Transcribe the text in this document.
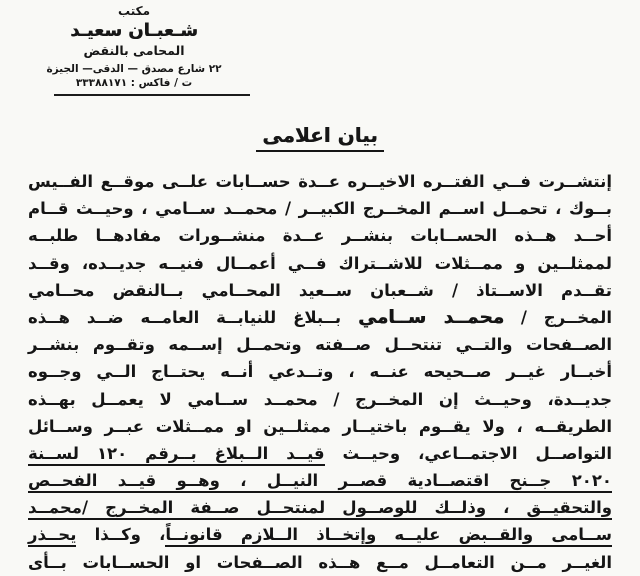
مكتب
شـعبـان سعيـد
المحامى بالنقض
٢٢ شارع مصدق — الدقى— الجيزة
ت / فاكس : ٣٣٣٨٨١٧١
بيان اعلامى
إنتشــرت فــي الفتــره الاخيــره عــدة حســابات علــى موقــع الفــيس
بــوك ، تحمــل اســم المخــرج الكبيــر / محمــد ســامي ، وحيــث قــام
أحــد هــذه الحســابات بنشــر عــدة منشــورات مفادهــا طلبــه
لممثلــين و ممــثلات للاشــتراك فــي أعمــال فنيــه جديــده، وقــد
تقــدم الاســتاذ / شــعبان ســعيد المحــامي بــالنقض محــامي
المخــرج / محمــد ســامي بــبلاغ للنيابــة العامــه ضــد هــذه
الصــفحات والتــي تنتحــل صــفته وتحمــل إســمه وتقــوم بنشــر
أخبــار غيــر صــحيحه عنــه ، وتــدعي أنــه يحتــاج الــي وجــوه
جديــدة، وحيــث إن المخــرج / محمــد ســامي لا يعمــل بهــذه
الطريقــه ، ولا يقــوم باختيــار ممثلــين او ممــثلات عبــر وســائل
التواصــل الاجتمــاعي، وحيــث قيــد الــبلاغ بــرقم ١٢٠ لســنة
٢٠٢٠ جــنح اقتصــادية قصــر النيــل ، وهــو قيــد الفحــص
والتحقيــق ، وذلــك للوصــول لمنتحــل صــفة المخــرج /محمــد
ســامى والقــبض عليــه وإتخــاذ الــلازم قانونــاً، وكــذا يحــذر
الغيــر مــن التعامــل مــع هــذه الصــفحات او الحســابات بــأى
